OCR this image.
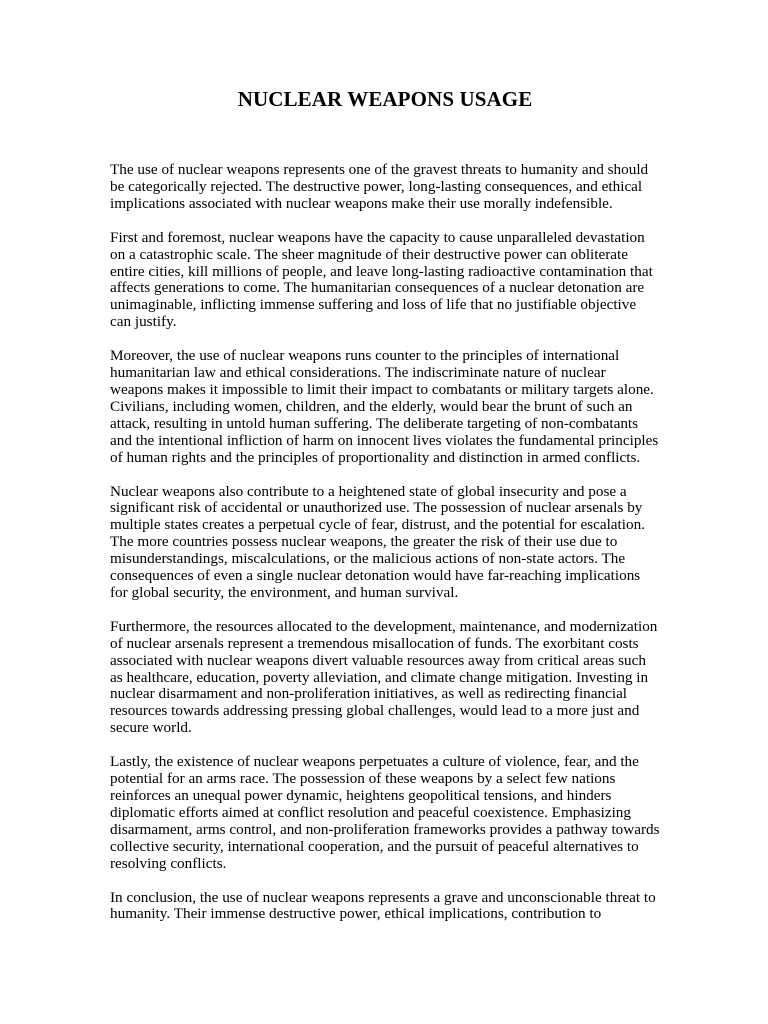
NUCLEAR WEAPONS USAGE

The use of nuclear weapons represents one of the gravest threats to humanity and should be categorically rejected. The destructive power, long-lasting consequences, and ethical implications associated with nuclear weapons make their use morally indefensible.

First and foremost, nuclear weapons have the capacity to cause unparalleled devastation on a catastrophic scale. The sheer magnitude of their destructive power can obliterate entire cities, kill millions of people, and leave long-lasting radioactive contamination that affects generations to come. The humanitarian consequences of a nuclear detonation are unimaginable, inflicting immense suffering and loss of life that no justifiable objective can justify.

Moreover, the use of nuclear weapons runs counter to the principles of international humanitarian law and ethical considerations. The indiscriminate nature of nuclear weapons makes it impossible to limit their impact to combatants or military targets alone. Civilians, including women, children, and the elderly, would bear the brunt of such an attack, resulting in untold human suffering. The deliberate targeting of non-combatants and the intentional infliction of harm on innocent lives violates the fundamental principles of human rights and the principles of proportionality and distinction in armed conflicts.

Nuclear weapons also contribute to a heightened state of global insecurity and pose a significant risk of accidental or unauthorized use. The possession of nuclear arsenals by multiple states creates a perpetual cycle of fear, distrust, and the potential for escalation. The more countries possess nuclear weapons, the greater the risk of their use due to misunderstandings, miscalculations, or the malicious actions of non-state actors. The consequences of even a single nuclear detonation would have far-reaching implications for global security, the environment, and human survival.

Furthermore, the resources allocated to the development, maintenance, and modernization of nuclear arsenals represent a tremendous misallocation of funds. The exorbitant costs associated with nuclear weapons divert valuable resources away from critical areas such as healthcare, education, poverty alleviation, and climate change mitigation. Investing in nuclear disarmament and non-proliferation initiatives, as well as redirecting financial resources towards addressing pressing global challenges, would lead to a more just and secure world.

Lastly, the existence of nuclear weapons perpetuates a culture of violence, fear, and the potential for an arms race. The possession of these weapons by a select few nations reinforces an unequal power dynamic, heightens geopolitical tensions, and hinders diplomatic efforts aimed at conflict resolution and peaceful coexistence. Emphasizing disarmament, arms control, and non-proliferation frameworks provides a pathway towards collective security, international cooperation, and the pursuit of peaceful alternatives to resolving conflicts.

In conclusion, the use of nuclear weapons represents a grave and unconscionable threat to humanity. Their immense destructive power, ethical implications, contribution to
